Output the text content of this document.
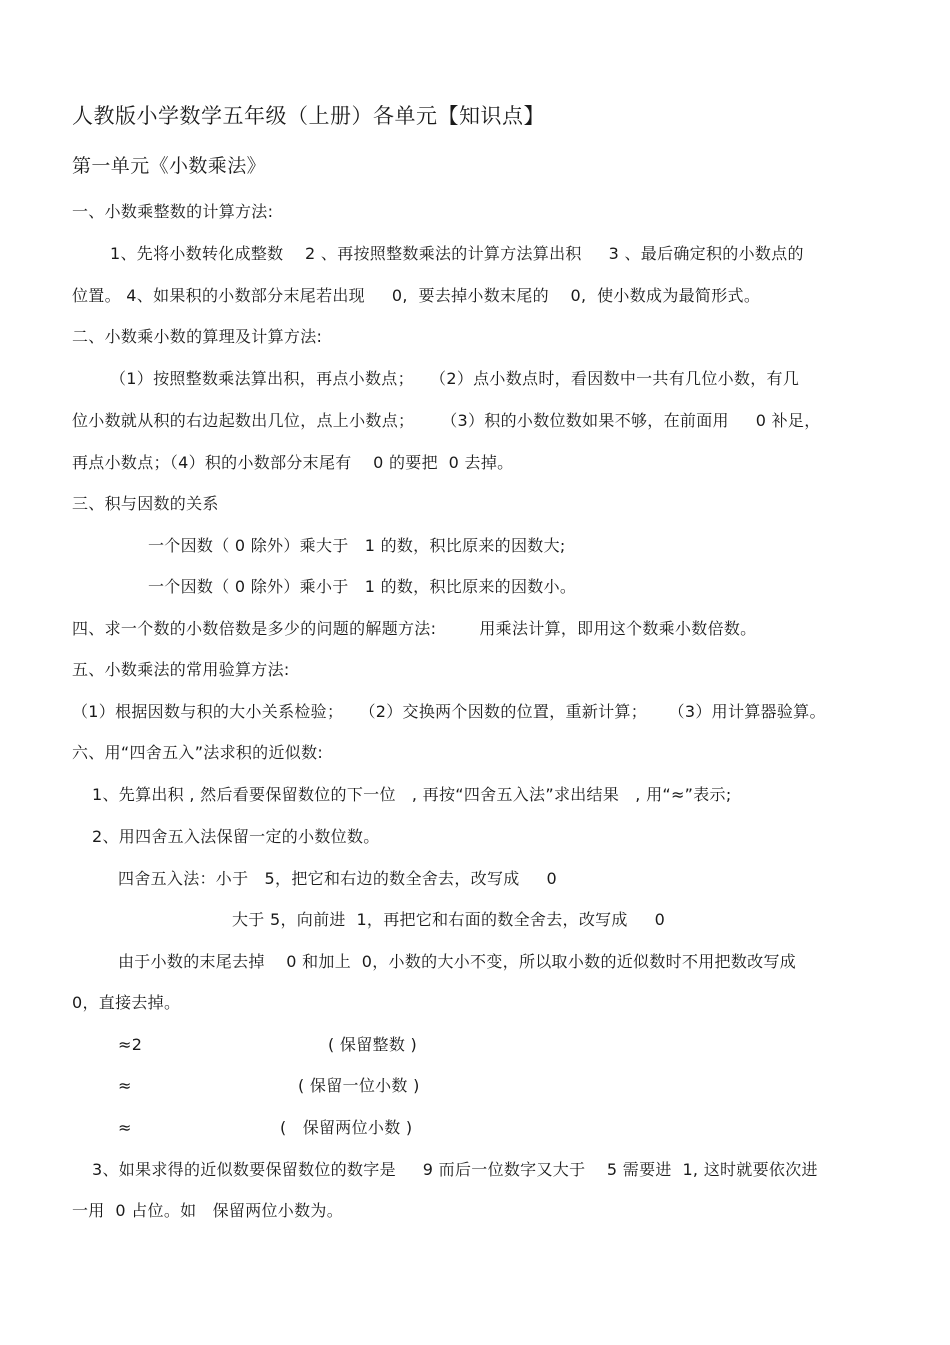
人教版小学数学五年级（上册）各单元【知识点】
第一单元《小数乘法》
一、小数乘整数的计算方法:
1、先将小数转化成整数    2 、再按照整数乘法的计算方法算出积     3 、最后确定积的小数点的
位置。 4、如果积的小数部分末尾若出现     0,  要去掉小数末尾的    0,  使小数成为最简形式。
二、小数乘小数的算理及计算方法:
（1）按照整数乘法算出积，再点小数点；   （2）点小数点时，看因数中一共有几位小数，有几
位小数就从积的右边起数出几位，点上小数点；     （3）积的小数位数如果不够，在前面用     0 补足，
再点小数点；（4）积的小数部分末尾有    0 的要把  0 去掉。
三、积与因数的关系
一个因数（ 0 除外）乘大于   1 的数，积比原来的因数大;
一个因数（ 0 除外）乘小于   1 的数，积比原来的因数小。
四、求一个数的小数倍数是多少的问题的解题方法:        用乘法计算，即用这个数乘小数倍数。
五、小数乘法的常用验算方法:
（1）根据因数与积的大小关系检验；   （2）交换两个因数的位置，重新计算；    （3）用计算器验算。
六、用“四舍五入”法求积的近似数:
1、先算出积 , 然后看要保留数位的下一位   , 再按“四舍五入法”求出结果   , 用“≈”表示;
2、用四舍五入法保留一定的小数位数。
四舍五入法：小于   5，把它和右边的数全舍去，改写成     0
大于 5，向前进  1，再把它和右面的数全舍去，改写成     0
由于小数的末尾去掉    0 和加上  0，小数的大小不变，所以取小数的近似数时不用把数改写成
0，直接去掉。
≈2	( 保留整数 )
≈	( 保留一位小数 )
≈	(   保留两位小数 )
3、如果求得的近似数要保留数位的数字是     9 而后一位数字又大于    5 需要进  1, 这时就要依次进
一用  0 占位。如   保留两位小数为。
